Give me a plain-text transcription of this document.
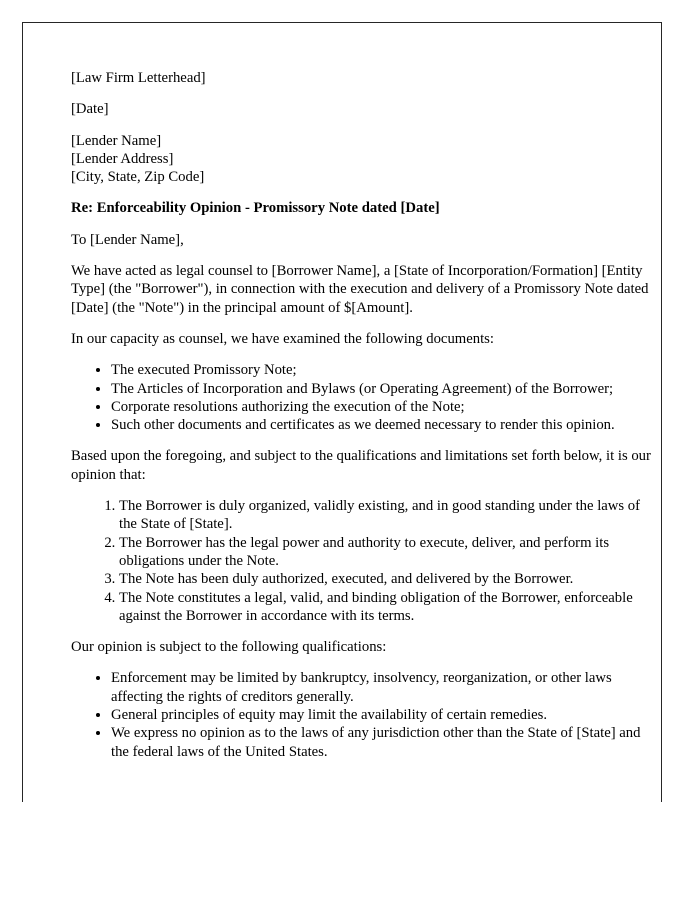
[Law Firm Letterhead]

[Date]

[Lender Name]

[Lender Address]

[City, State, Zip Code]

Re: Enforceability Opinion - Promissory Note dated [Date]

To [Lender Name],

We have acted as legal counsel to [Borrower Name], a [State of Incorporation/Formation] [Entity Type] (the "Borrower"), in connection with the execution and delivery of a Promissory Note dated [Date] (the "Note") in the principal amount of $[Amount].

In our capacity as counsel, we have examined the following documents:

• The executed Promissory Note;
• The Articles of Incorporation and Bylaws (or Operating Agreement) of the Borrower;
• Corporate resolutions authorizing the execution of the Note;
• Such other documents and certificates as we deemed necessary to render this opinion.

Based upon the foregoing, and subject to the qualifications and limitations set forth below, it is our opinion that:

1. The Borrower is duly organized, validly existing, and in good standing under the laws of the State of [State].
2. The Borrower has the legal power and authority to execute, deliver, and perform its obligations under the Note.
3. The Note has been duly authorized, executed, and delivered by the Borrower.
4. The Note constitutes a legal, valid, and binding obligation of the Borrower, enforceable against the Borrower in accordance with its terms.

Our opinion is subject to the following qualifications:

• Enforcement may be limited by bankruptcy, insolvency, reorganization, or other laws affecting the rights of creditors generally.
• General principles of equity may limit the availability of certain remedies.
• We express no opinion as to the laws of any jurisdiction other than the State of [State] and the federal laws of the United States.
